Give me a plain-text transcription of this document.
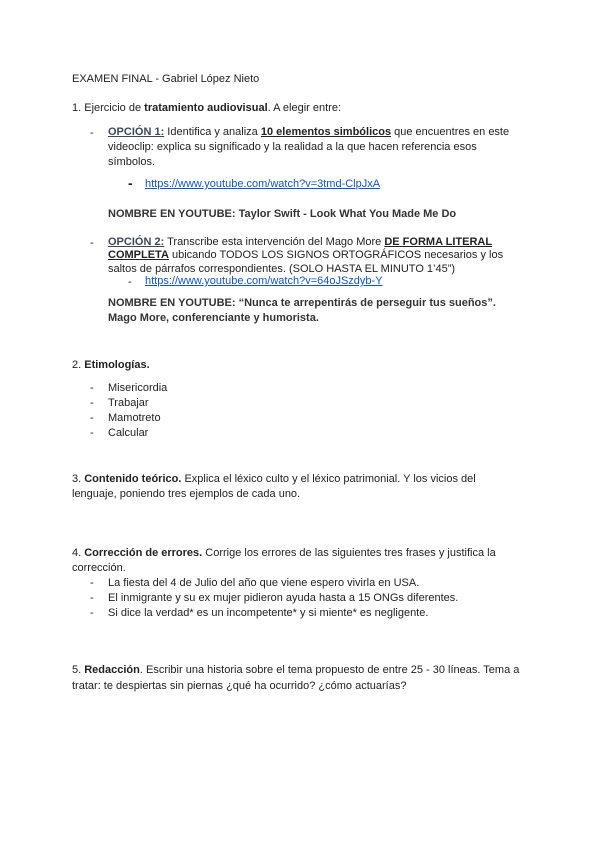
EXAMEN FINAL - Gabriel López Nieto
1. Ejercicio de tratamiento audiovisual. A elegir entre:
- OPCIÓN 1: Identifica y analiza 10 elementos simbólicos que encuentres en este
videoclip: explica su significado y la realidad a la que hacen referencia esos
símbolos.
- https://www.youtube.com/watch?v=3tmd-ClpJxA
NOMBRE EN YOUTUBE: Taylor Swift - Look What You Made Me Do
- OPCIÓN 2: Transcribe esta intervención del Mago More DE FORMA LITERAL
COMPLETA ubicando TODOS LOS SIGNOS ORTOGRÁFICOS necesarios y los
saltos de párrafos correspondientes. (SOLO HASTA EL MINUTO 1’45”)
- https://www.youtube.com/watch?v=64oJSzdyb-Y
NOMBRE EN YOUTUBE: “Nunca te arrepentirás de perseguir tus sueños”.
Mago More, conferenciante y humorista.
2. Etimologías.
- Misericordia
- Trabajar
- Mamotreto
- Calcular
3. Contenido teórico. Explica el léxico culto y el léxico patrimonial. Y los vicios del
lenguaje, poniendo tres ejemplos de cada uno.
4. Corrección de errores. Corrige los errores de las siguientes tres frases y justifica la
corrección.
- La fiesta del 4 de Julio del año que viene espero vivirla en USA.
- El inmigrante y su ex mujer pidieron ayuda hasta a 15 ONGs diferentes.
- Si dice la verdad* es un incompetente* y si miente* es negligente.
5. Redacción. Escribir una historia sobre el tema propuesto de entre 25 - 30 líneas. Tema a
tratar: te despiertas sin piernas ¿qué ha ocurrido? ¿cómo actuarías?
